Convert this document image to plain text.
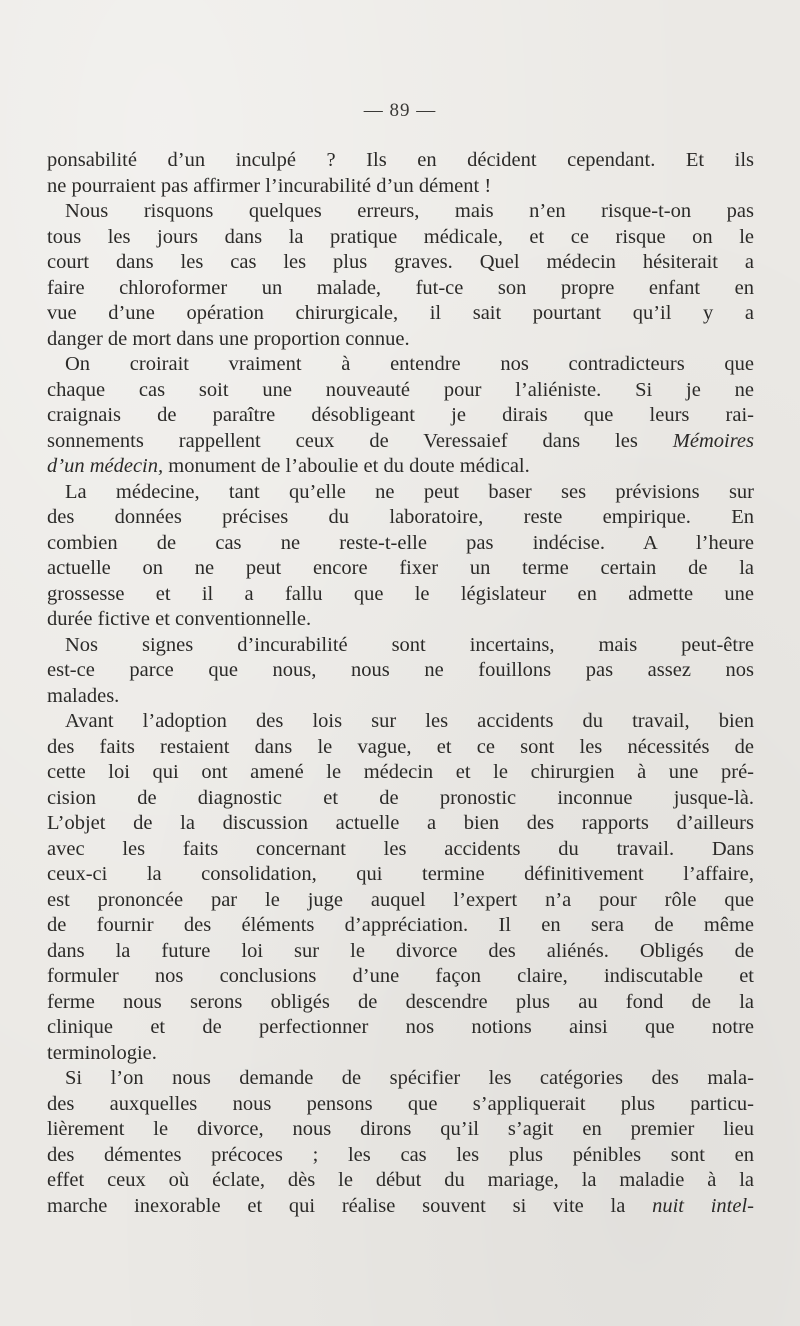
— 89 —
ponsabilité d’un inculpé ? Ils en décident cependant. Et ils
ne pourraient pas affirmer l’incurabilité d’un dément !
Nous risquons quelques erreurs, mais n’en risque-t-on pas
tous les jours dans la pratique médicale, et ce risque on le
court dans les cas les plus graves. Quel médecin hésiterait a
faire chloroformer un malade, fut-ce son propre enfant en
vue d’une opération chirurgicale, il sait pourtant qu’il y a
danger de mort dans une proportion connue.
On croirait vraiment à entendre nos contradicteurs que
chaque cas soit une nouveauté pour l’aliéniste. Si je ne
craignais de paraître désobligeant je dirais que leurs rai-
sonnements rappellent ceux de Veressaief dans les Mémoires
d’un médecin, monument de l’aboulie et du doute médical.
La médecine, tant qu’elle ne peut baser ses prévisions sur
des données précises du laboratoire, reste empirique. En
combien de cas ne reste-t-elle pas indécise. A l’heure
actuelle on ne peut encore fixer un terme certain de la
grossesse et il a fallu que le législateur en admette une
durée fictive et conventionnelle.
Nos signes d’incurabilité sont incertains, mais peut-être
est-ce parce que nous, nous ne fouillons pas assez nos
malades.
Avant l’adoption des lois sur les accidents du travail, bien
des faits restaient dans le vague, et ce sont les nécessités de
cette loi qui ont amené le médecin et le chirurgien à une pré-
cision de diagnostic et de pronostic inconnue jusque-là.
L’objet de la discussion actuelle a bien des rapports d’ailleurs
avec les faits concernant les accidents du travail. Dans
ceux-ci la consolidation, qui termine définitivement l’affaire,
est prononcée par le juge auquel l’expert n’a pour rôle que
de fournir des éléments d’appréciation. Il en sera de même
dans la future loi sur le divorce des aliénés. Obligés de
formuler nos conclusions d’une façon claire, indiscutable et
ferme nous serons obligés de descendre plus au fond de la
clinique et de perfectionner nos notions ainsi que notre
terminologie.
Si l’on nous demande de spécifier les catégories des mala-
des auxquelles nous pensons que s’appliquerait plus particu-
lièrement le divorce, nous dirons qu’il s’agit en premier lieu
des démentes précoces ; les cas les plus pénibles sont en
effet ceux où éclate, dès le début du mariage, la maladie à la
marche inexorable et qui réalise souvent si vite la nuit intel-
